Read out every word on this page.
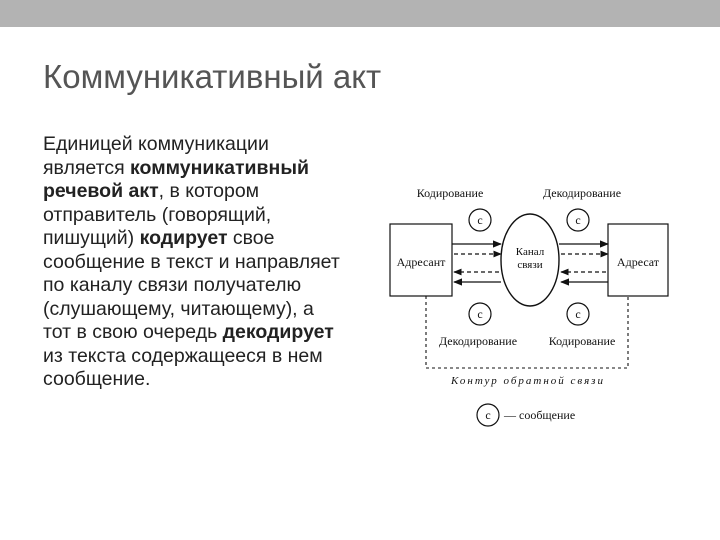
Коммуникативный акт
Единицей коммуникации является коммуникативный речевой акт, в котором отправитель (говорящий, пишущий) кодирует свое сообщение в текст и направляет по каналу связи получателю (слушающему, читающему), а тот в свою очередь декодирует из текста содержащееся в нем сообщение.
Кодирование	Декодирование
с	с
Адресант	Адресат
Канал
связи
с	с
Декодирование	Кодирование
Контур обратной связи
с — сообщение
